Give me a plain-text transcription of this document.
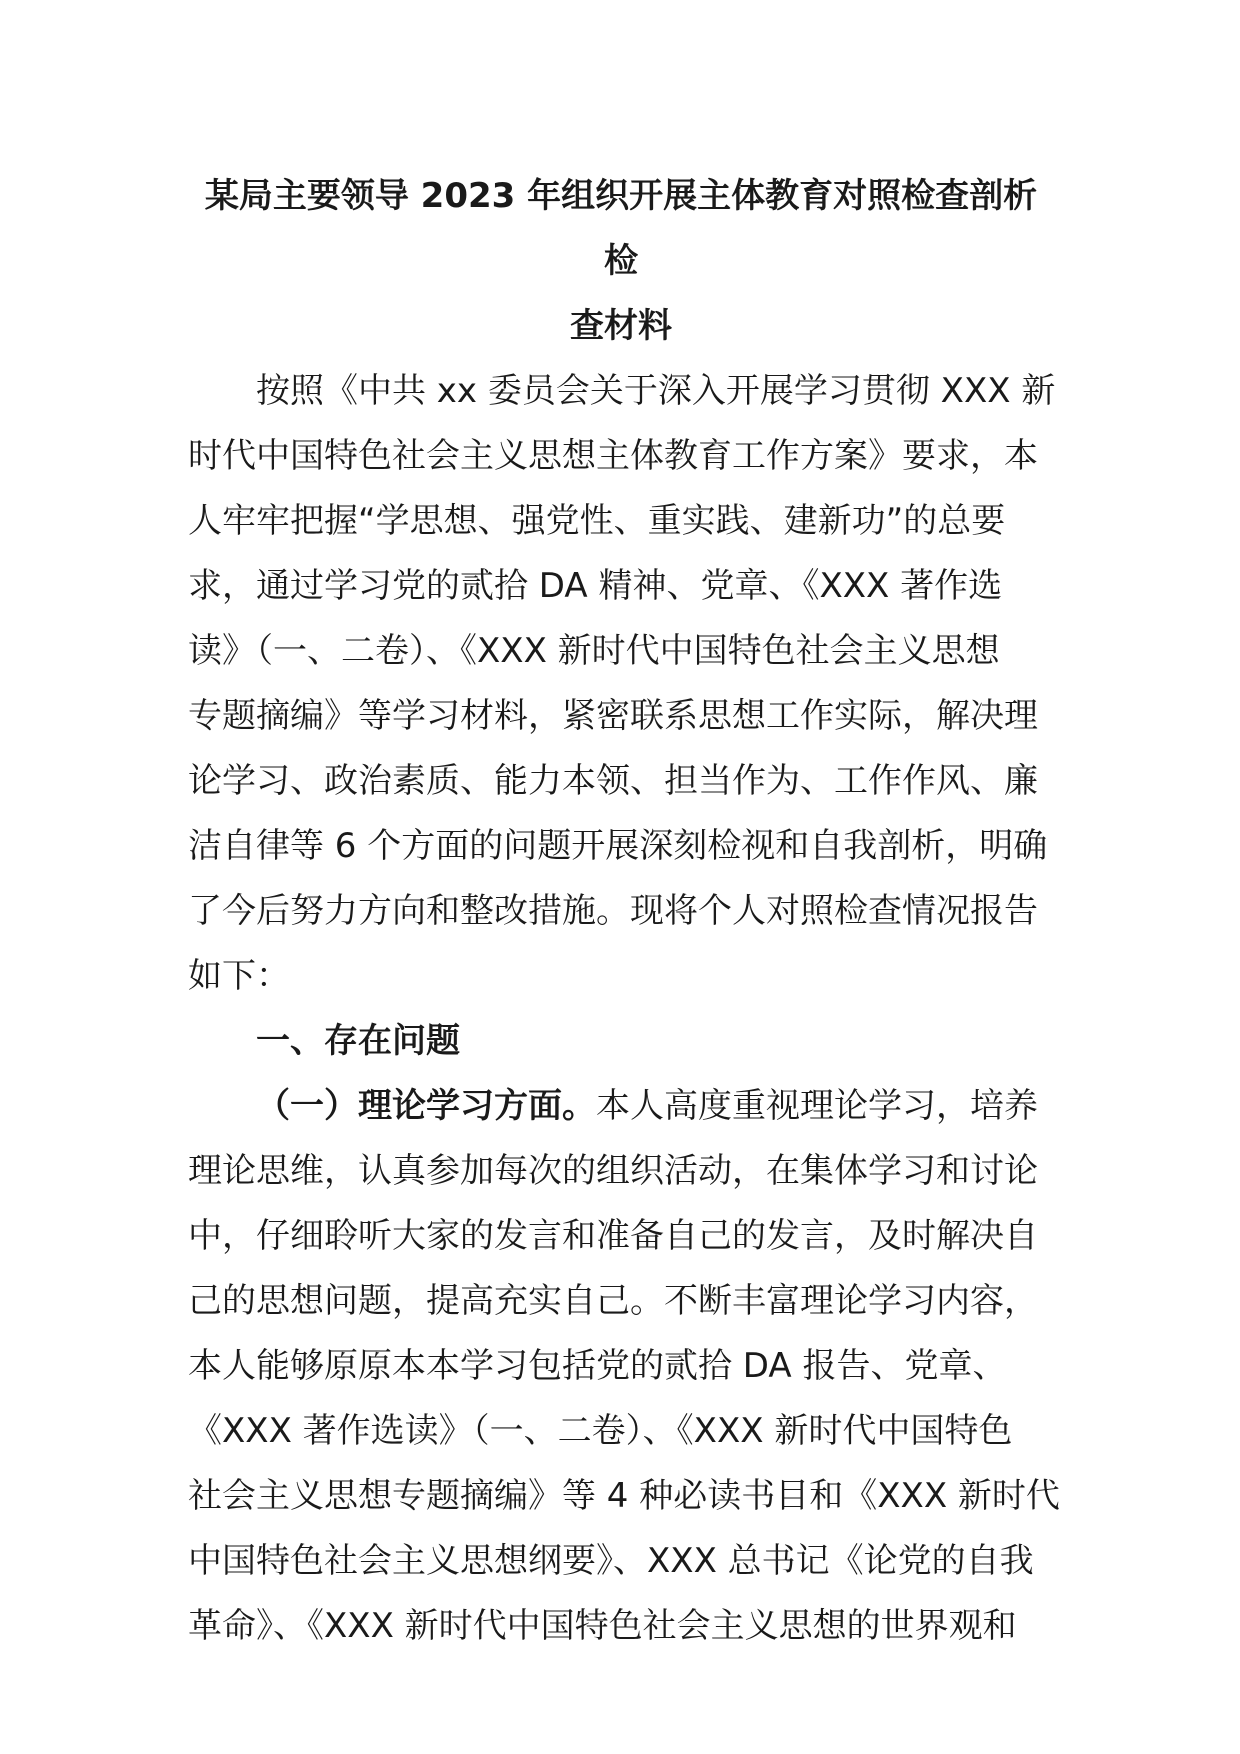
某局主要领导 2023 年组织开展主体教育对照检查剖析检
查材料

按照《中共 xx 委员会关于深入开展学习贯彻 XXX 新
时代中国特色社会主义思想主体教育工作方案》要求，本
人牢牢把握“学思想、强党性、重实践、建新功”的总要
求，通过学习党的贰拾 DA 精神、党章、《XXX 著作选
读》（一、二卷）、《XXX 新时代中国特色社会主义思想
专题摘编》等学习材料，紧密联系思想工作实际，解决理
论学习、政治素质、能力本领、担当作为、工作作风、廉
洁自律等 6 个方面的问题开展深刻检视和自我剖析，明确
了今后努力方向和整改措施。现将个人对照检查情况报告
如下：

一、存在问题

（一）理论学习方面。本人高度重视理论学习，培养
理论思维，认真参加每次的组织活动，在集体学习和讨论
中，仔细聆听大家的发言和准备自己的发言，及时解决自
己的思想问题，提高充实自己。不断丰富理论学习内容，
本人能够原原本本学习包括党的贰拾 DA 报告、党章、
《XXX 著作选读》（一、二卷）、《XXX 新时代中国特色
社会主义思想专题摘编》等 4 种必读书目和《XXX 新时代
中国特色社会主义思想纲要》、XXX 总书记《论党的自我
革命》、《XXX 新时代中国特色社会主义思想的世界观和
